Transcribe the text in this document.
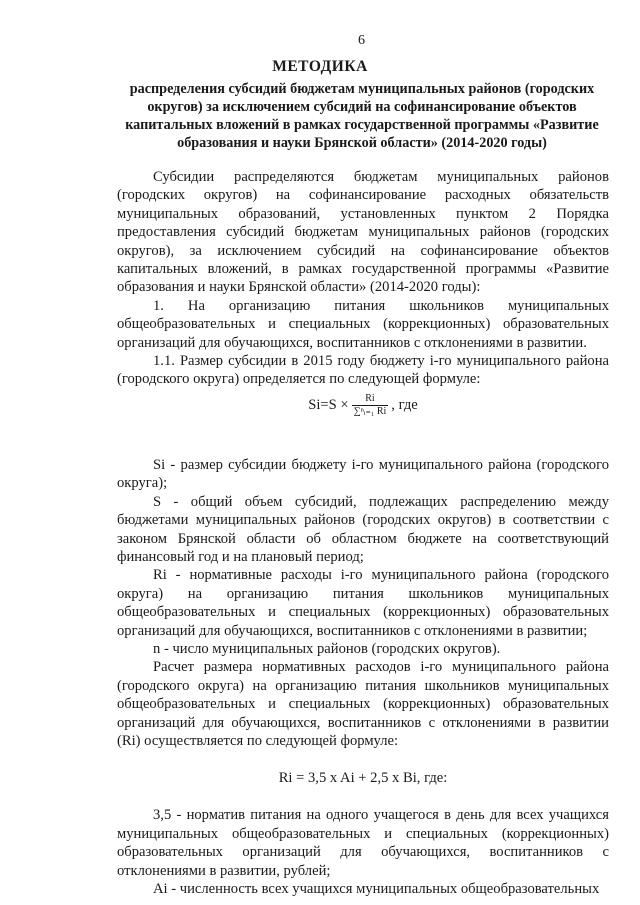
6
МЕТОДИКА
распределения субсидий бюджетам муниципальных районов (городских округов) за исключением субсидий на софинансирование объектов капитальных вложений в рамках государственной программы «Развитие образования и науки Брянской области» (2014-2020 годы)

Субсидии распределяются бюджетам муниципальных районов (городских округов) на софинансирование расходных обязательств муниципальных образований, установленных пунктом 2 Порядка предоставления субсидий бюджетам муниципальных районов (городских округов), за исключением субсидий на софинансирование объектов капитальных вложений, в рамках государственной программы «Развитие образования и науки Брянской области» (2014-2020 годы):

1. На организацию питания школьников муниципальных общеобразовательных и специальных (коррекционных) образовательных организаций для обучающихся, воспитанников с отклонениями в развитии.

1.1. Размер субсидии в 2015 году бюджету i-го муниципального района (городского округа) определяется по следующей формуле:

$Si=S \times \frac{Ri}{\text{∑ⁿᵢ₌₁ Ri}}$ , где

Si - размер субсидии бюджету i-го муниципального района (городского округа);

S - общий объем субсидий, подлежащих распределению между бюджетами муниципальных районов (городских округов) в соответствии с законом Брянской области об областном бюджете на соответствующий финансовый год и на плановый период;

Ri - нормативные расходы i-го муниципального района (городского округа) на организацию питания школьников муниципальных общеобразовательных и специальных (коррекционных) образовательных организаций для обучающихся, воспитанников с отклонениями в развитии;

n - число муниципальных районов (городских округов).

Расчет размера нормативных расходов i-го муниципального района (городского округа) на организацию питания школьников муниципальных общеобразовательных и специальных (коррекционных) образовательных организаций для обучающихся, воспитанников с отклонениями в развитии (Ri) осуществляется по следующей формуле:

Ri = 3,5 x Ai + 2,5 x Bi, где:

3,5 - норматив питания на одного учащегося в день для всех учащихся муниципальных общеобразовательных и специальных (коррекционных) образовательных организаций для обучающихся, воспитанников с отклонениями в развитии, рублей;

Ai - численность всех учащихся муниципальных общеобразовательных
